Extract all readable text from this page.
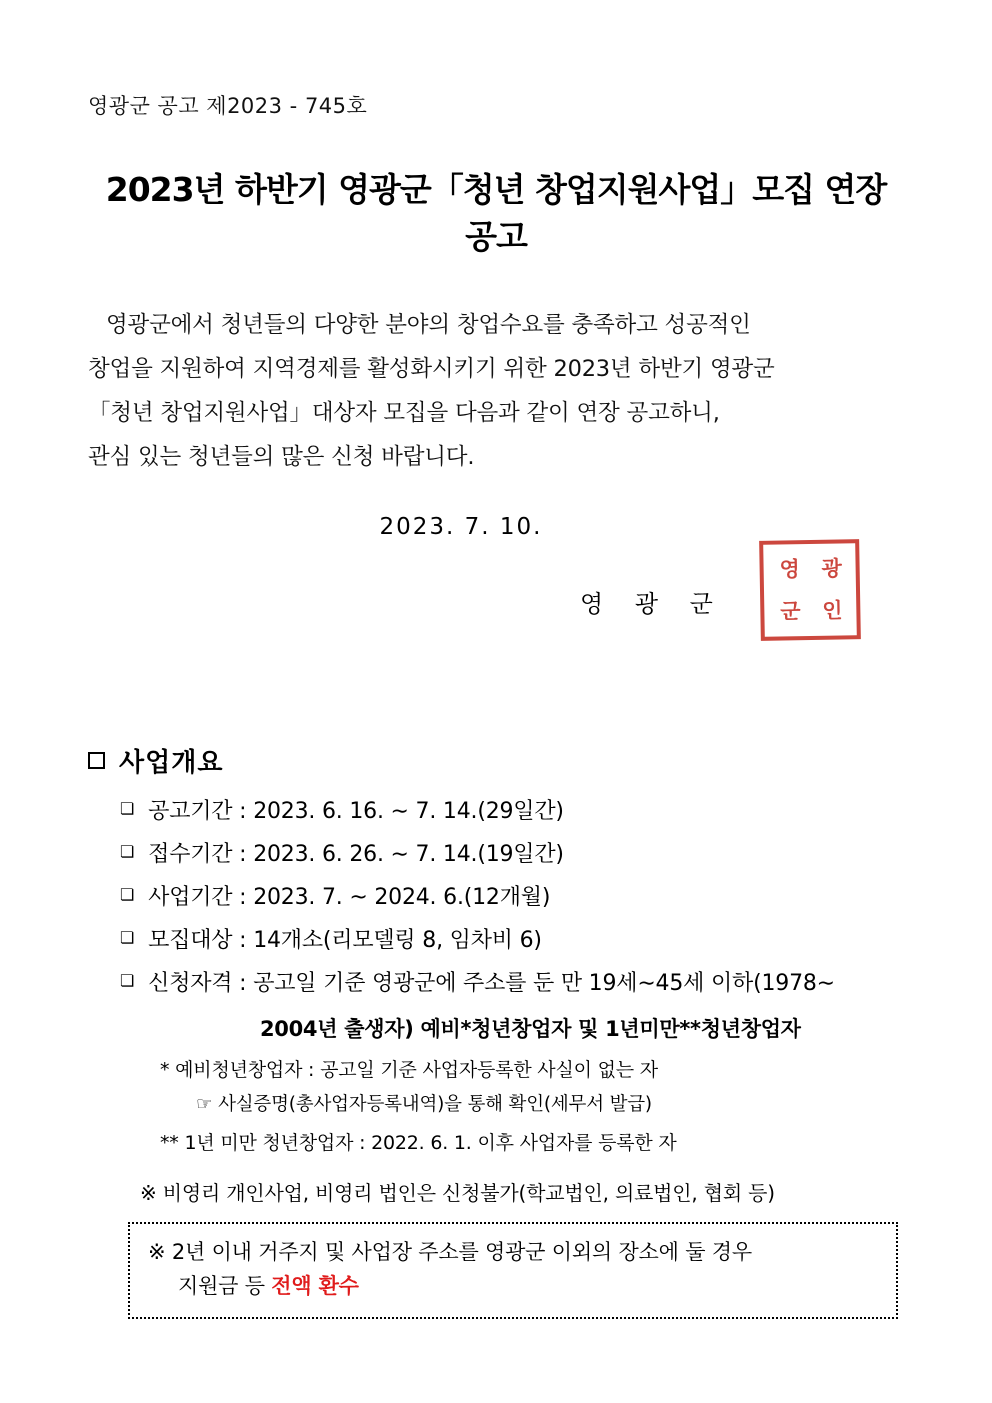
영광군 공고 제2023 - 745호
2023년 하반기 영광군「청년 창업지원사업」모집 연장 공고
영광군에서 청년들의 다양한 분야의 창업수요를 충족하고 성공적인
창업을 지원하여 지역경제를 활성화시키기 위한 2023년 하반기 영광군
「청년 창업지원사업」대상자 모집을 다음과 같이 연장 공고하니,
관심 있는 청년들의 많은 신청 바랍니다.
2023. 7. 10.
영 광 군
영 광
군 인
사업개요
❏ 공고기간 : 2023. 6. 16. ∼ 7. 14.(29일간)
❏ 접수기간 : 2023. 6. 26. ∼ 7. 14.(19일간)
❏ 사업기간 : 2023. 7. ~ 2024. 6.(12개월)
❏ 모집대상 : 14개소(리모델링 8, 임차비 6)
❏ 신청자격 : 공고일 기준 영광군에 주소를 둔 만 19세∼45세 이하(1978∼
2004년 출생자) 예비*청년창업자 및 1년미만**청년창업자
* 예비청년창업자 : 공고일 기준 사업자등록한 사실이 없는 자
☞ 사실증명(총사업자등록내역)을 통해 확인(세무서 발급)
** 1년 미만 청년창업자 : 2022. 6. 1. 이후 사업자를 등록한 자
※ 비영리 개인사업, 비영리 법인은 신청불가(학교법인, 의료법인, 협회 등)
※ 2년 이내 거주지 및 사업장 주소를 영광군 이외의 장소에 둘 경우
지원금 등 전액 환수
